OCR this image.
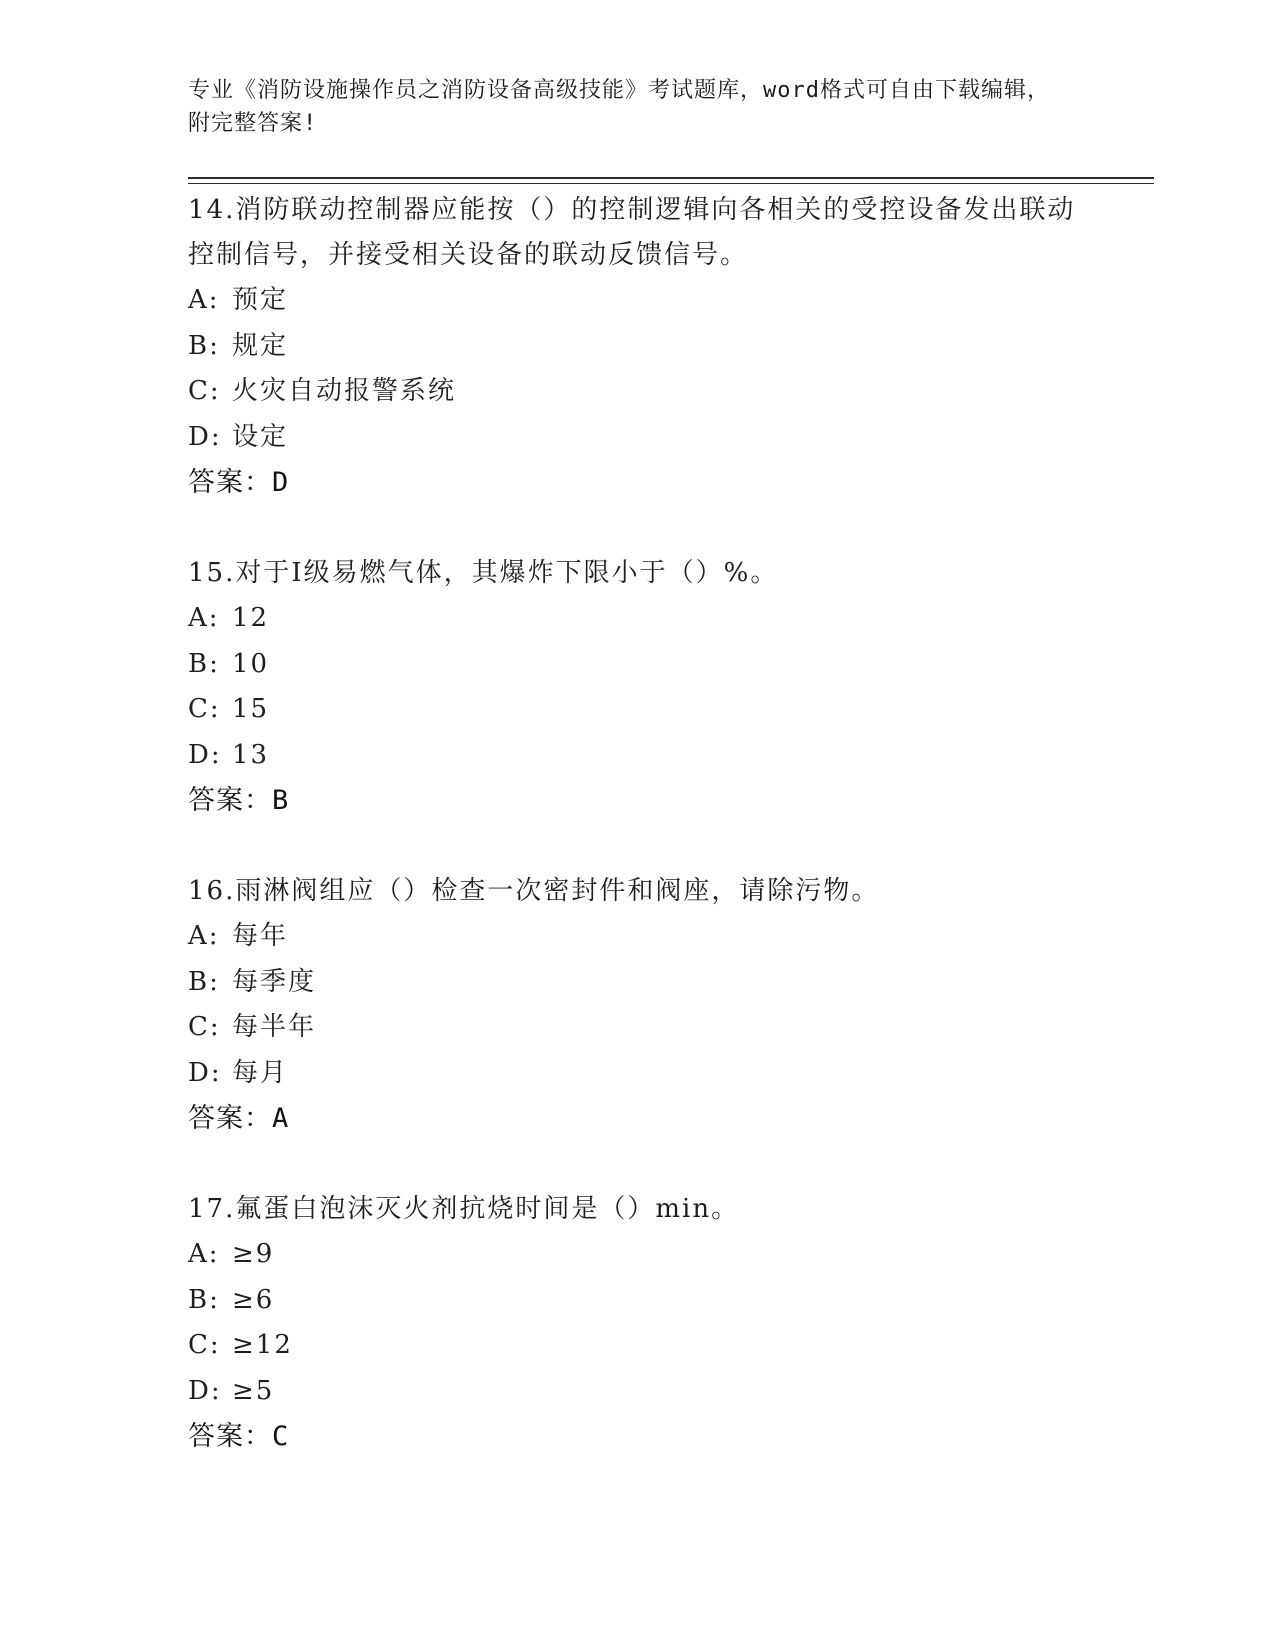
专业《消防设施操作员之消防设备高级技能》考试题库，word格式可自由下载编辑，附完整答案!
14.消防联动控制器应能按（）的控制逻辑向各相关的受控设备发出联动控制信号，并接受相关设备的联动反馈信号。
A: 预定
B: 规定
C: 火灾自动报警系统
D: 设定
答案：D
15.对于Ⅰ级易燃气体，其爆炸下限小于（）%。
A: 12
B: 10
C: 15
D: 13
答案：B
16.雨淋阀组应（）检查一次密封件和阀座，请除污物。
A: 每年
B: 每季度
C: 每半年
D: 每月
答案：A
17.氟蛋白泡沫灭火剂抗烧时间是（）min。
A: ≥9
B: ≥6
C: ≥12
D: ≥5
答案：C
